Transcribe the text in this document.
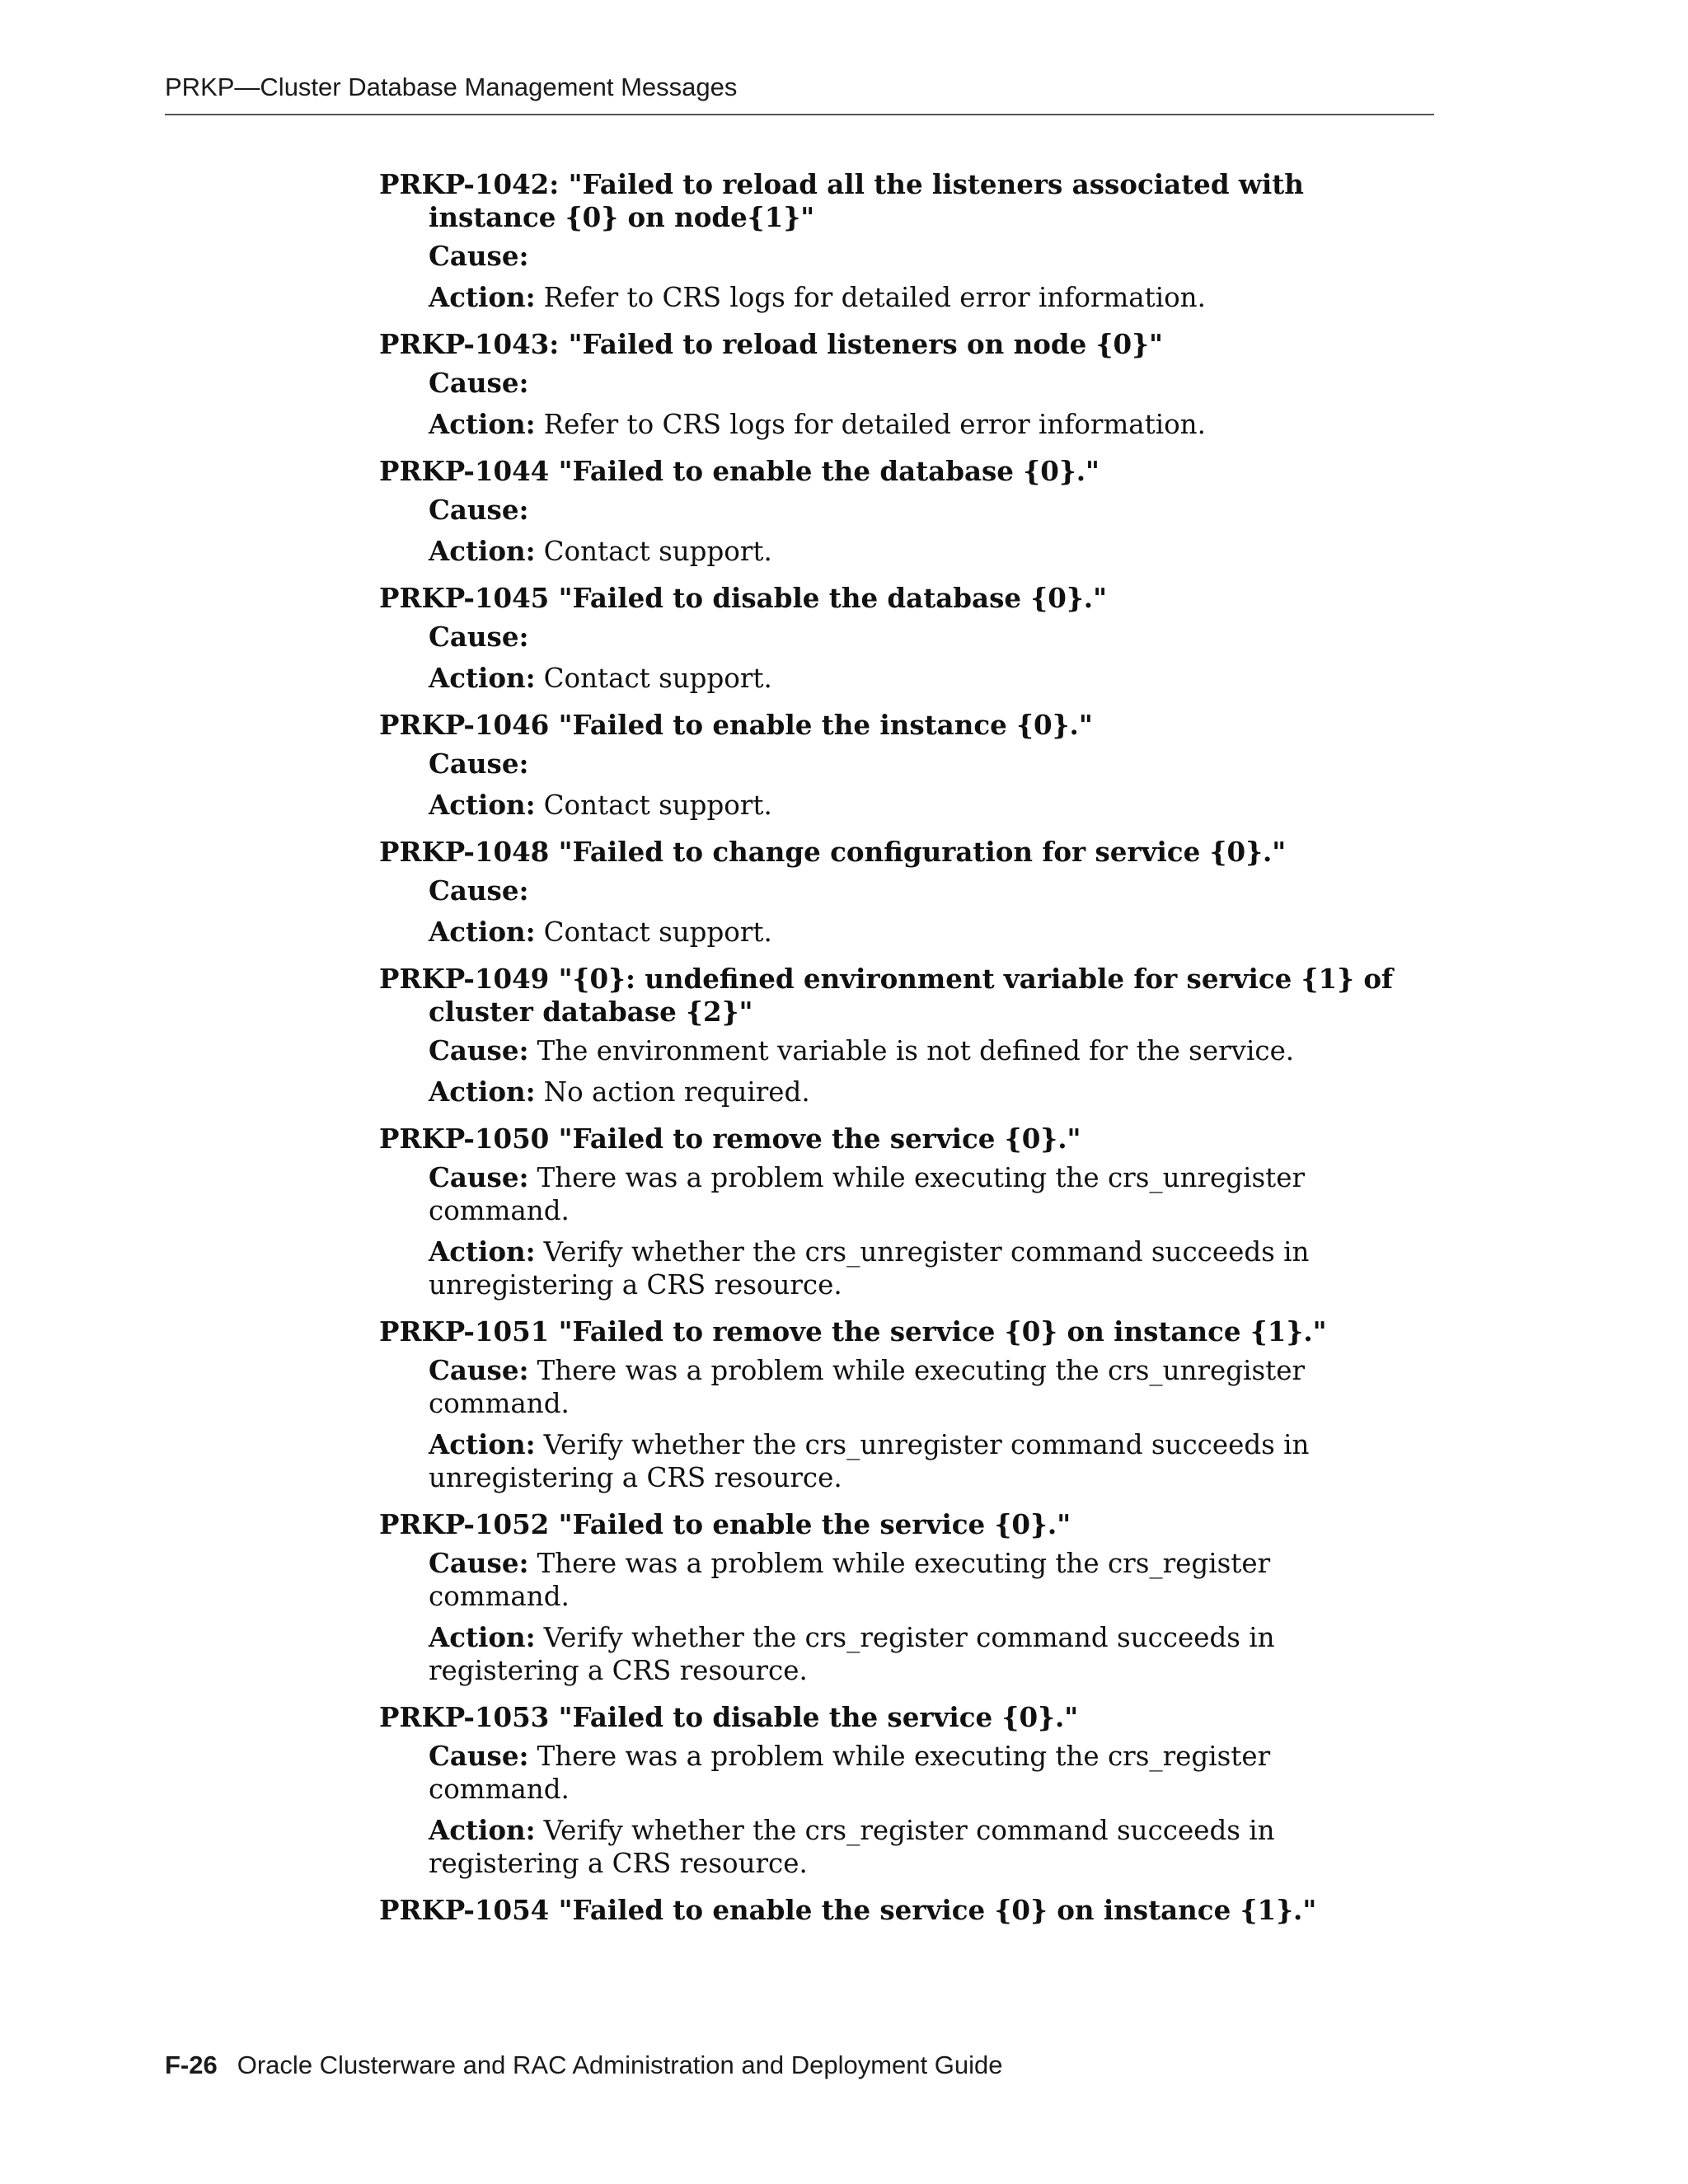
PRKP—Cluster Database Management Messages
PRKP-1042: "Failed to reload all the listeners associated with instance {0} on node{1}"
Cause:
Action: Refer to CRS logs for detailed error information.
PRKP-1043: "Failed to reload listeners on node {0}"
Cause:
Action: Refer to CRS logs for detailed error information.
PRKP-1044 "Failed to enable the database {0}."
Cause:
Action: Contact support.
PRKP-1045 "Failed to disable the database {0}."
Cause:
Action: Contact support.
PRKP-1046 "Failed to enable the instance {0}."
Cause:
Action: Contact support.
PRKP-1048 "Failed to change configuration for service {0}."
Cause:
Action: Contact support.
PRKP-1049 "{0}: undefined environment variable for service {1} of cluster database {2}"
Cause: The environment variable is not defined for the service.
Action: No action required.
PRKP-1050 "Failed to remove the service {0}."
Cause: There was a problem while executing the crs_unregister command.
Action: Verify whether the crs_unregister command succeeds in unregistering a CRS resource.
PRKP-1051 "Failed to remove the service {0} on instance {1}."
Cause: There was a problem while executing the crs_unregister command.
Action: Verify whether the crs_unregister command succeeds in unregistering a CRS resource.
PRKP-1052 "Failed to enable the service {0}."
Cause: There was a problem while executing the crs_register command.
Action: Verify whether the crs_register command succeeds in registering a CRS resource.
PRKP-1053 "Failed to disable the service {0}."
Cause: There was a problem while executing the crs_register command.
Action: Verify whether the crs_register command succeeds in registering a CRS resource.
PRKP-1054 "Failed to enable the service {0} on instance {1}."
F-26 Oracle Clusterware and RAC Administration and Deployment Guide
